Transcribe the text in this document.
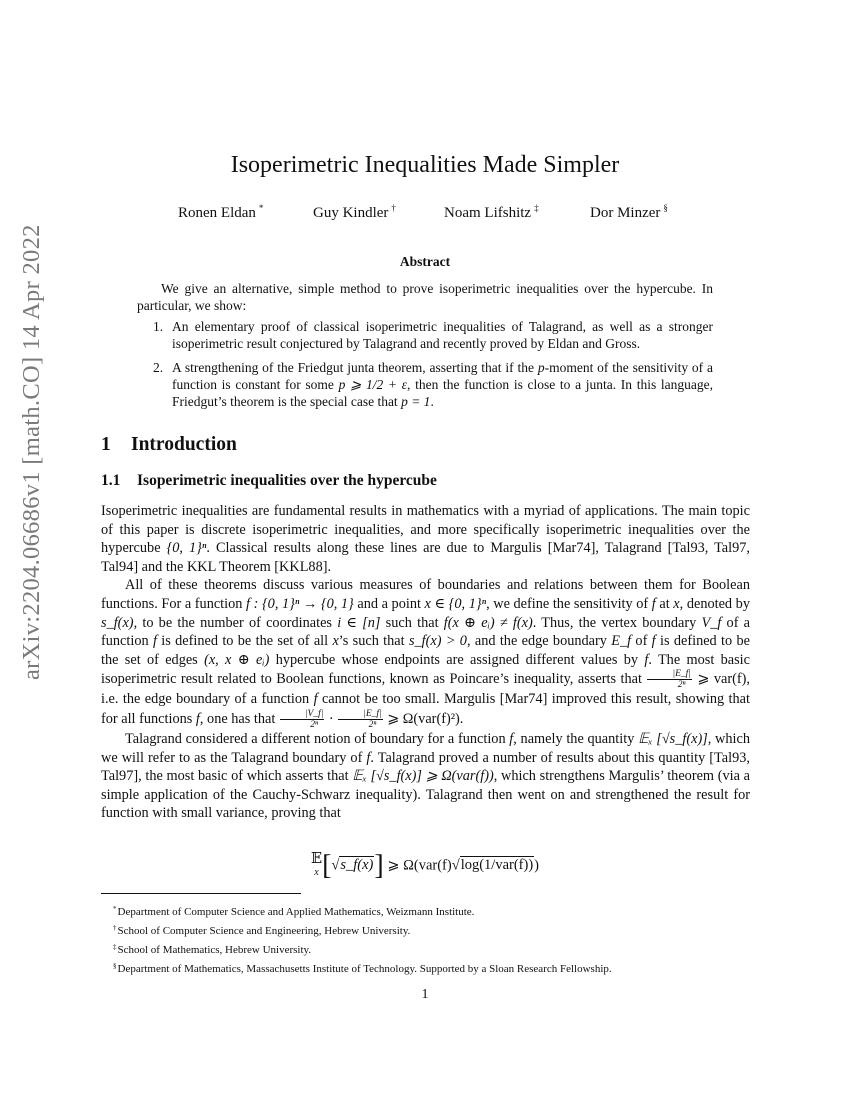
arXiv:2204.06686v1 [math.CO] 14 Apr 2022
Isoperimetric Inequalities Made Simpler
Ronen Eldan *	Guy Kindler †	Noam Lifshitz ‡	Dor Minzer §
Abstract
We give an alternative, simple method to prove isoperimetric inequalities over the hypercube. In particular, we show:
1. An elementary proof of classical isoperimetric inequalities of Talagrand, as well as a stronger isoperimetric result conjectured by Talagrand and recently proved by Eldan and Gross.
2. A strengthening of the Friedgut junta theorem, asserting that if the p-moment of the sensitivity of a function is constant for some p ⩾ 1/2 + ε, then the function is close to a junta. In this language, Friedgut’s theorem is the special case that p = 1.
1 Introduction
1.1 Isoperimetric inequalities over the hypercube

Isoperimetric inequalities are fundamental results in mathematics with a myriad of applications. The main topic of this paper is discrete isoperimetric inequalities, and more specifically isoperimetric inequalities over the hypercube {0, 1}ⁿ. Classical results along these lines are due to Margulis [Mar74], Talagrand [Tal93, Tal97, Tal94] and the KKL Theorem [KKL88].

All of these theorems discuss various measures of boundaries and relations between them for Boolean functions. For a function f : {0, 1}ⁿ → {0, 1} and a point x ∈ {0, 1}ⁿ, we define the sensitivity of f at x, denoted by s_f(x), to be the number of coordinates i ∈ [n] such that f(x ⊕ eᵢ) ≠ f(x). Thus, the vertex boundary V_f of a function f is defined to be the set of all x’s such that s_f(x) > 0, and the edge boundary E_f of f is defined to be the set of edges (x, x ⊕ eᵢ) hypercube whose endpoints are assigned different values by f. The most basic isoperimetric result related to Boolean functions, known as Poincare’s inequality, asserts that $\frac{|E\_f|}{\text{2ⁿ}}$ ⩾ var(f), i.e. the edge boundary of a function f cannot be too small. Margulis [Mar74] improved this result, showing that for all functions f, one has that $\frac{|V\_f|}{\text{2ⁿ}} \cdot \frac{|E\_f|}{\text{2ⁿ}}$ ⩾ Ω(var(f)²).

Talagrand considered a different notion of boundary for a function f, namely the quantity 𝔼ₓ [√s_f(x)], which we will refer to as the Talagrand boundary of f. Talagrand proved a number of results about this quantity [Tal93, Tal97], the most basic of which asserts that 𝔼ₓ [√s_f(x)] ⩾ Ω(var(f)), which strengthens Margulis’ theorem (via a simple application of the Cauchy-Schwarz inequality). Talagrand then went on and strengthened the result for function with small variance, proving that

𝔼
x [√s_f(x)] ⩾ Ω(var(f)√log(1/var(f)))
*Department of Computer Science and Applied Mathematics, Weizmann Institute.
†School of Computer Science and Engineering, Hebrew University.
‡School of Mathematics, Hebrew University.
§Department of Mathematics, Massachusetts Institute of Technology. Supported by a Sloan Research Fellowship.
1
